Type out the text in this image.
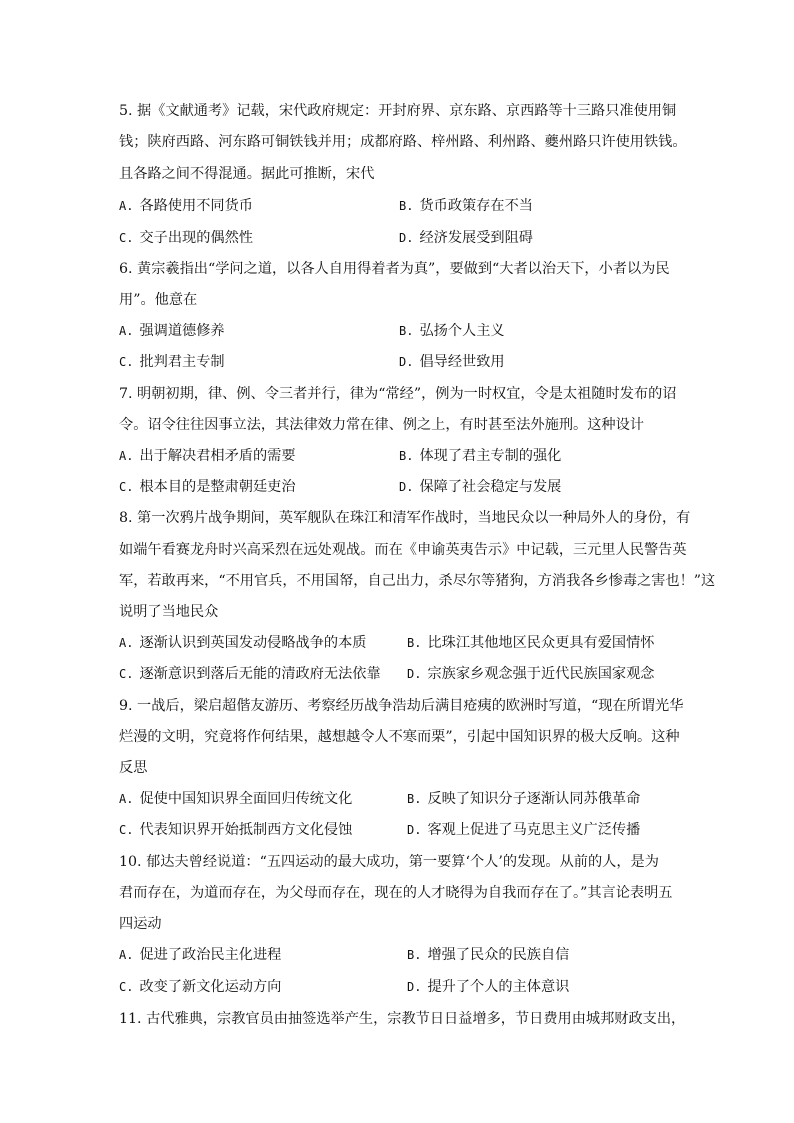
5. 据《文献通考》记载，宋代政府规定：开封府界、京东路、京西路等十三路只准使用铜
钱；陕府西路、河东路可铜铁钱并用；成都府路、梓州路、利州路、夔州路只许使用铁钱。
且各路之间不得混通。据此可推断，宋代
A. 各路使用不同货币	B. 货币政策存在不当
C. 交子出现的偶然性	D. 经济发展受到阻碍
6. 黄宗羲指出“学问之道，以各人自用得着者为真”，要做到“大者以治天下，小者以为民
用”。他意在
A. 强调道德修养	B. 弘扬个人主义
C. 批判君主专制	D. 倡导经世致用
7. 明朝初期，律、例、令三者并行，律为“常经”，例为一时权宜，令是太祖随时发布的诏
令。诏令往往因事立法，其法律效力常在律、例之上，有时甚至法外施刑。这种设计
A. 出于解决君相矛盾的需要	B. 体现了君主专制的强化
C. 根本目的是整肃朝廷吏治	D. 保障了社会稳定与发展
8. 第一次鸦片战争期间，英军舰队在珠江和清军作战时，当地民众以一种局外人的身份，有
如端午看赛龙舟时兴高采烈在远处观战。而在《申谕英夷告示》中记载，三元里人民警告英
军，若敢再来，“不用官兵，不用国帑，自己出力，杀尽尔等猪狗，方消我各乡惨毒之害也！”这
说明了当地民众
A. 逐渐认识到英国发动侵略战争的本质	B. 比珠江其他地区民众更具有爱国情怀
C. 逐渐意识到落后无能的清政府无法依靠 D. 宗族家乡观念强于近代民族国家观念
9. 一战后，梁启超偕友游历、考察经历战争浩劫后满目疮痍的欧洲时写道，“现在所谓光华
烂漫的文明，究竟将作何结果，越想越令人不寒而栗”，引起中国知识界的极大反响。这种
反思
A. 促使中国知识界全面回归传统文化	B. 反映了知识分子逐渐认同苏俄革命
C. 代表知识界开始抵制西方文化侵蚀	D. 客观上促进了马克思主义广泛传播
10. 郁达夫曾经说道：“五四运动的最大成功，第一要算‘个人’的发现。从前的人，是为
君而存在，为道而存在，为父母而存在，现在的人才晓得为自我而存在了。”其言论表明五
四运动
A. 促进了政治民主化进程	B. 增强了民众的民族自信
C. 改变了新文化运动方向	D. 提升了个人的主体意识
11. 古代雅典，宗教官员由抽签选举产生，宗教节日日益增多，节日费用由城邦财政支出，
